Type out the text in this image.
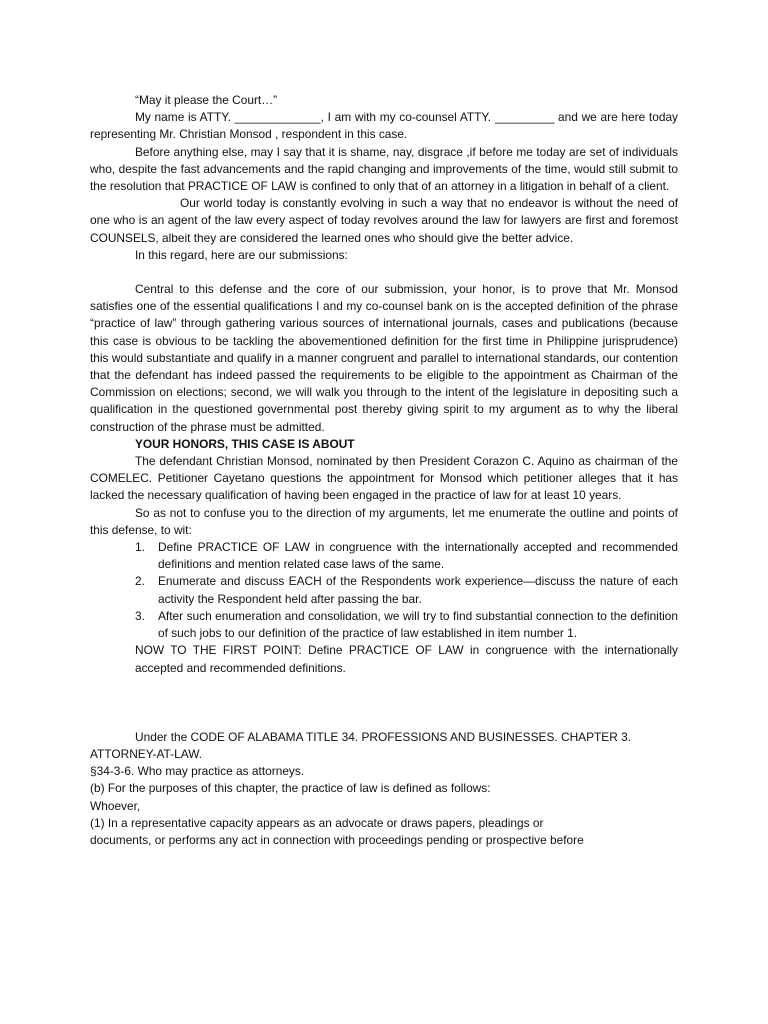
“May it please the Court…”

My name is ATTY. _____________, I am with my co-counsel ATTY. _________ and we are here today representing Mr. Christian Monsod , respondent in this case.

Before anything else, may I say that it is shame, nay, disgrace ,if before me today are set of individuals who, despite the fast advancements and the rapid changing and improvements of the time, would still submit to the resolution that PRACTICE OF LAW is confined to only that of an attorney in a litigation in behalf of a client.

Our world today is constantly evolving in such a way that no endeavor is without the need of one who is an agent of the law every aspect of today revolves around the law for lawyers are first and foremost COUNSELS, albeit they are considered the learned ones who should give the better advice.

In this regard, here are our submissions:

Central to this defense and the core of our submission, your honor, is to prove that Mr. Monsod satisfies one of the essential qualifications I and my co-counsel bank on is the accepted definition of the phrase “practice of law” through gathering various sources of international journals, cases and publications (because this case is obvious to be tackling the abovementioned definition for the first time in Philippine jurisprudence) this would substantiate and qualify in a manner congruent and parallel to international standards, our contention that the defendant has indeed passed the requirements to be eligible to the appointment as Chairman of the Commission on elections; second, we will walk you through to the intent of the legislature in depositing such a qualification in the questioned governmental post thereby giving spirit to my argument as to why the liberal construction of the phrase must be admitted.

YOUR HONORS, THIS CASE IS ABOUT

The defendant Christian Monsod, nominated by then President Corazon C. Aquino as chairman of the COMELEC. Petitioner Cayetano questions the appointment for Monsod which petitioner alleges that it has lacked the necessary qualification of having been engaged in the practice of law for at least 10 years.

So as not to confuse you to the direction of my arguments, let me enumerate the outline and points of this defense, to wit:

1. Define PRACTICE OF LAW in congruence with the internationally accepted and recommended definitions and mention related case laws of the same.
2. Enumerate and discuss EACH of the Respondents work experience—discuss the nature of each activity the Respondent held after passing the bar.
3. After such enumeration and consolidation, we will try to find substantial connection to the definition of such jobs to our definition of the practice of law established in item number 1.

NOW TO THE FIRST POINT: Define PRACTICE OF LAW in congruence with the internationally accepted and recommended definitions.

Under the CODE OF ALABAMA TITLE 34. PROFESSIONS AND BUSINESSES. CHAPTER 3. ATTORNEY-AT-LAW.

§34-3-6. Who may practice as attorneys.

(b) For the purposes of this chapter, the practice of law is defined as follows:

Whoever,

(1) In a representative capacity appears as an advocate or draws papers, pleadings or

documents, or performs any act in connection with proceedings pending or prospective before
